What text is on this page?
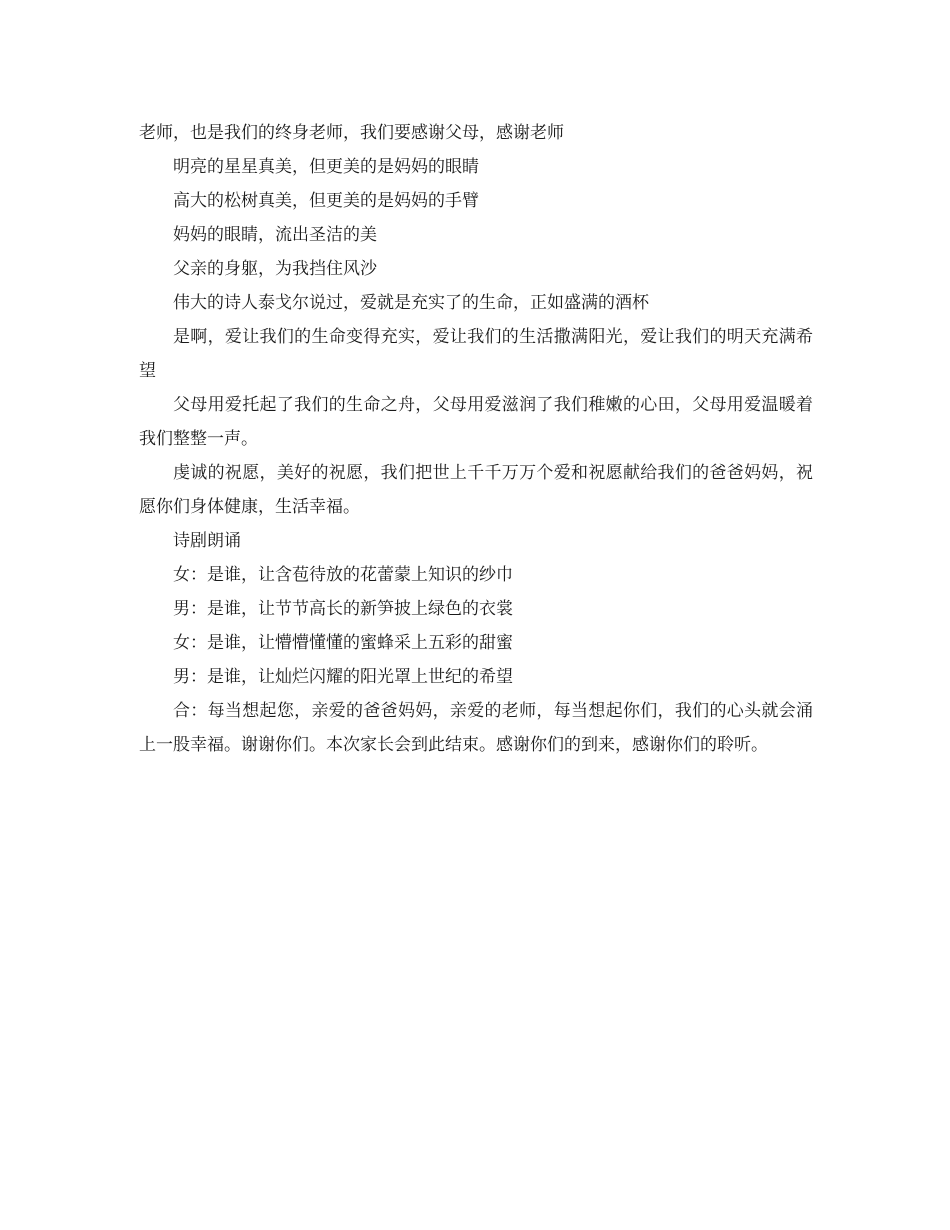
老师，也是我们的终身老师，我们要感谢父母，感谢老师

明亮的星星真美，但更美的是妈妈的眼睛

高大的松树真美，但更美的是妈妈的手臂

妈妈的眼睛，流出圣洁的美

父亲的身躯，为我挡住风沙

伟大的诗人泰戈尔说过，爱就是充实了的生命，正如盛满的酒杯

是啊，爱让我们的生命变得充实，爱让我们的生活撒满阳光，爱让我们的明天充满希望

父母用爱托起了我们的生命之舟，父母用爱滋润了我们稚嫩的心田，父母用爱温暖着我们整整一声。

虔诚的祝愿，美好的祝愿，我们把世上千千万万个爱和祝愿献给我们的爸爸妈妈，祝愿你们身体健康，生活幸福。

诗剧朗诵

女：是谁，让含苞待放的花蕾蒙上知识的纱巾

男：是谁，让节节高长的新笋披上绿色的衣裳

女：是谁，让懵懵懂懂的蜜蜂采上五彩的甜蜜

男：是谁，让灿烂闪耀的阳光罩上世纪的希望

合：每当想起您，亲爱的爸爸妈妈，亲爱的老师，每当想起你们，我们的心头就会涌上一股幸福。谢谢你们。本次家长会到此结束。感谢你们的到来，感谢你们的聆听。
